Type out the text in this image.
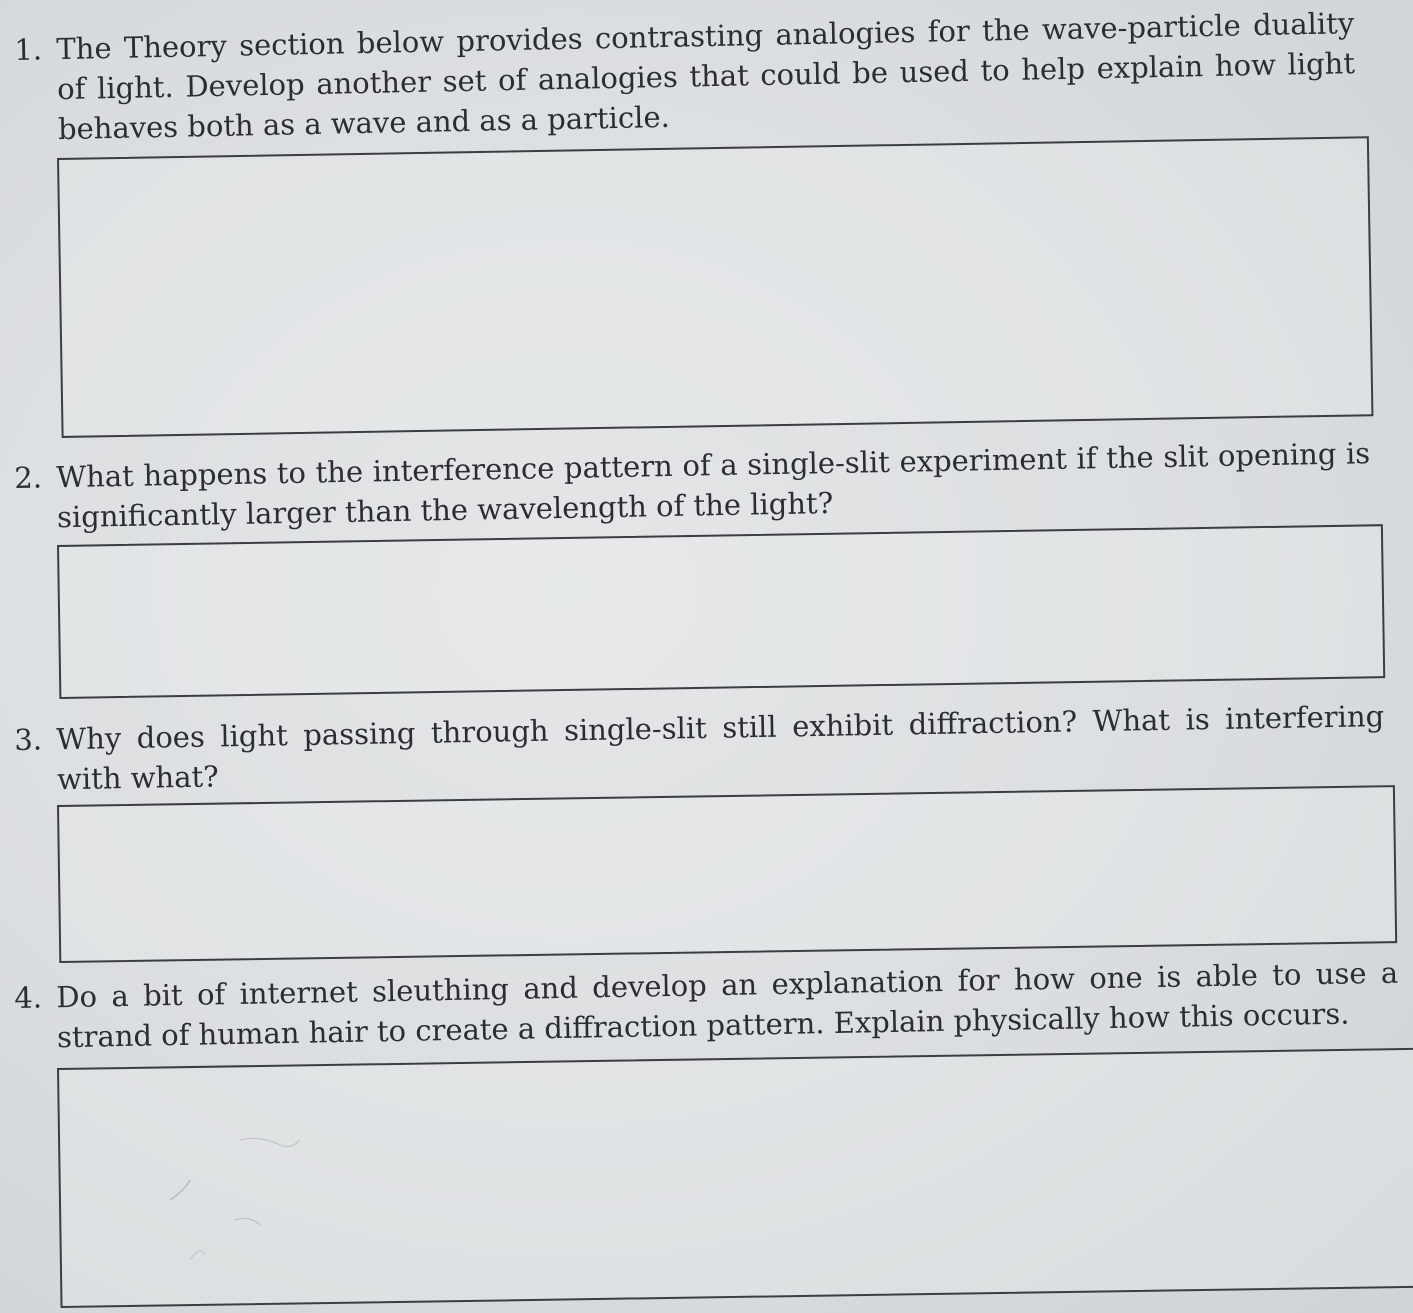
1. The Theory section below provides contrasting analogies for the wave-particle duality of light. Develop another set of analogies that could be used to help explain how light behaves both as a wave and as a particle.
2. What happens to the interference pattern of a single-slit experiment if the slit opening is significantly larger than the wavelength of the light?
3. Why does light passing through single-slit still exhibit diffraction? What is interfering with what?
4. Do a bit of internet sleuthing and develop an explanation for how one is able to use a strand of human hair to create a diffraction pattern. Explain physically how this occurs.
